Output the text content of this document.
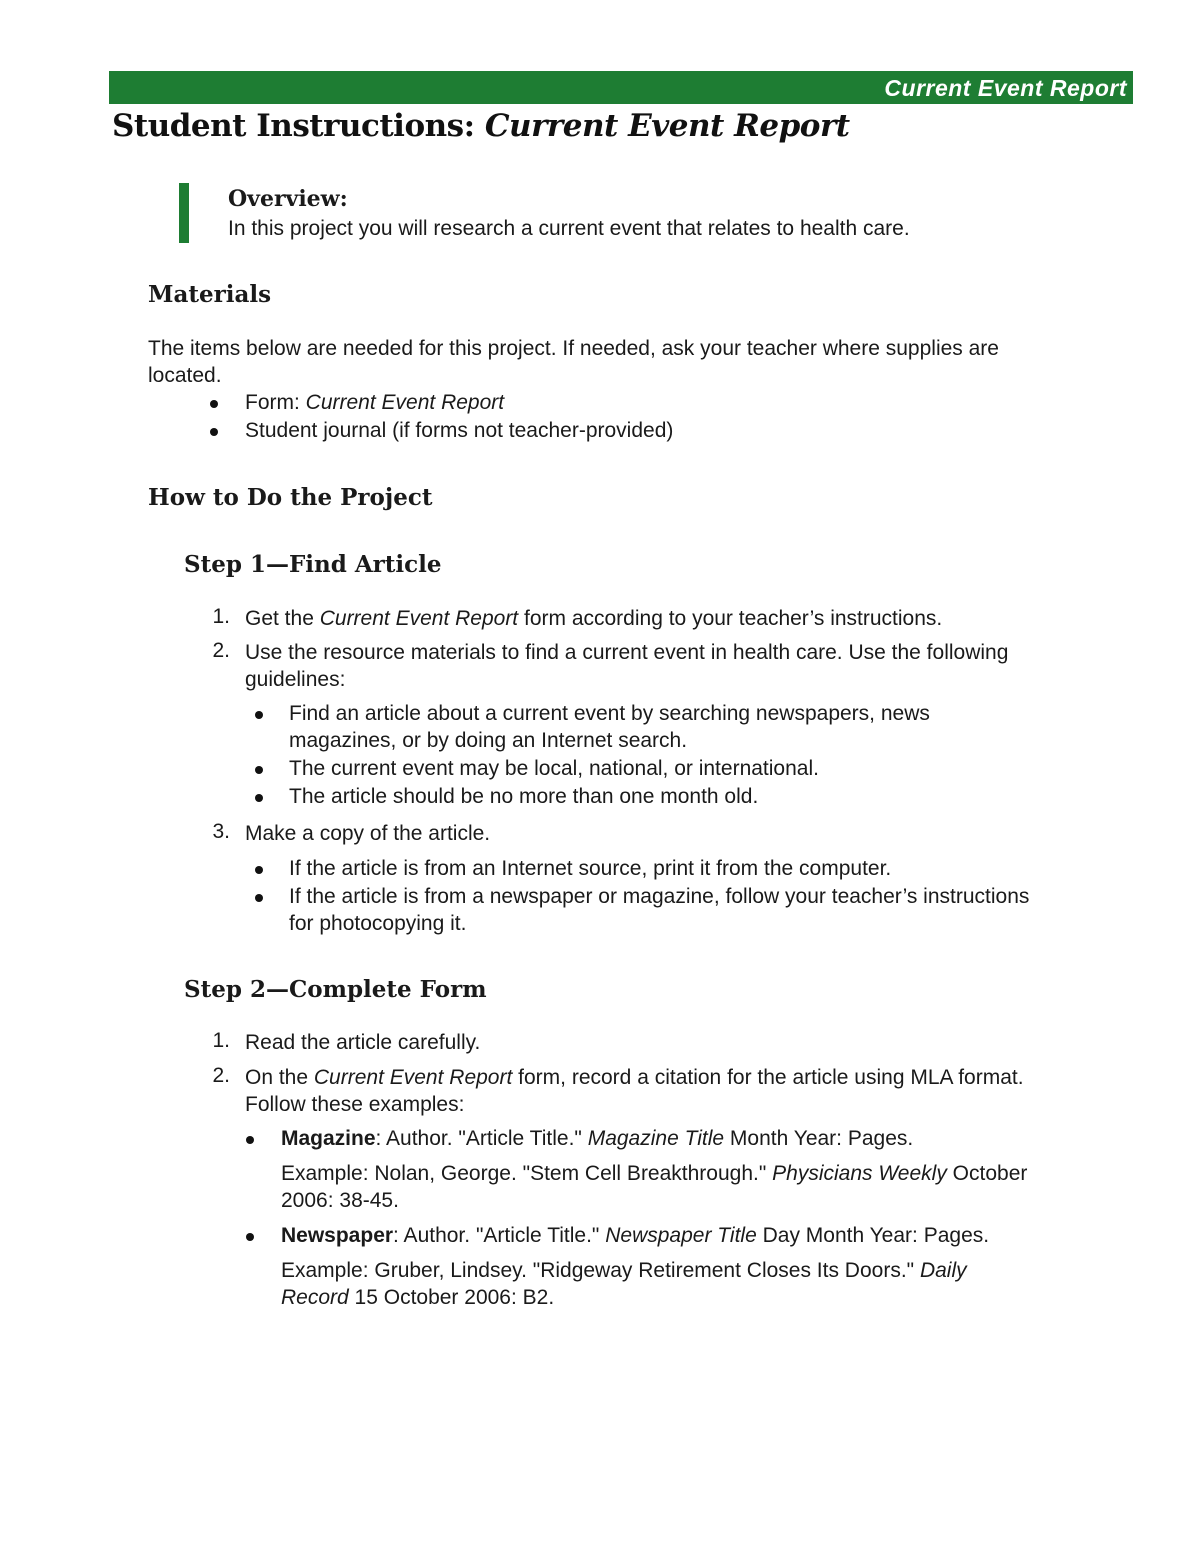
Current Event Report
Student Instructions: Current Event Report
Overview:
In this project you will research a current event that relates to health care.
Materials
The items below are needed for this project. If needed, ask your teacher where supplies are
located.
Form: Current Event Report
Student journal (if forms not teacher-provided)
How to Do the Project
Step 1—Find Article
1. Get the Current Event Report form according to your teacher’s instructions.
2. Use the resource materials to find a current event in health care. Use the following
guidelines:
Find an article about a current event by searching newspapers, news
magazines, or by doing an Internet search.
The current event may be local, national, or international.
The article should be no more than one month old.
3. Make a copy of the article.
If the article is from an Internet source, print it from the computer.
If the article is from a newspaper or magazine, follow your teacher’s instructions
for photocopying it.
Step 2—Complete Form
1. Read the article carefully.
2. On the Current Event Report form, record a citation for the article using MLA format.
Follow these examples:
Magazine: Author. "Article Title." Magazine Title Month Year: Pages.
Example: Nolan, George. "Stem Cell Breakthrough." Physicians Weekly October
2006: 38-45.
Newspaper: Author. "Article Title." Newspaper Title Day Month Year: Pages.
Example: Gruber, Lindsey. "Ridgeway Retirement Closes Its Doors." Daily
Record 15 October 2006: B2.
